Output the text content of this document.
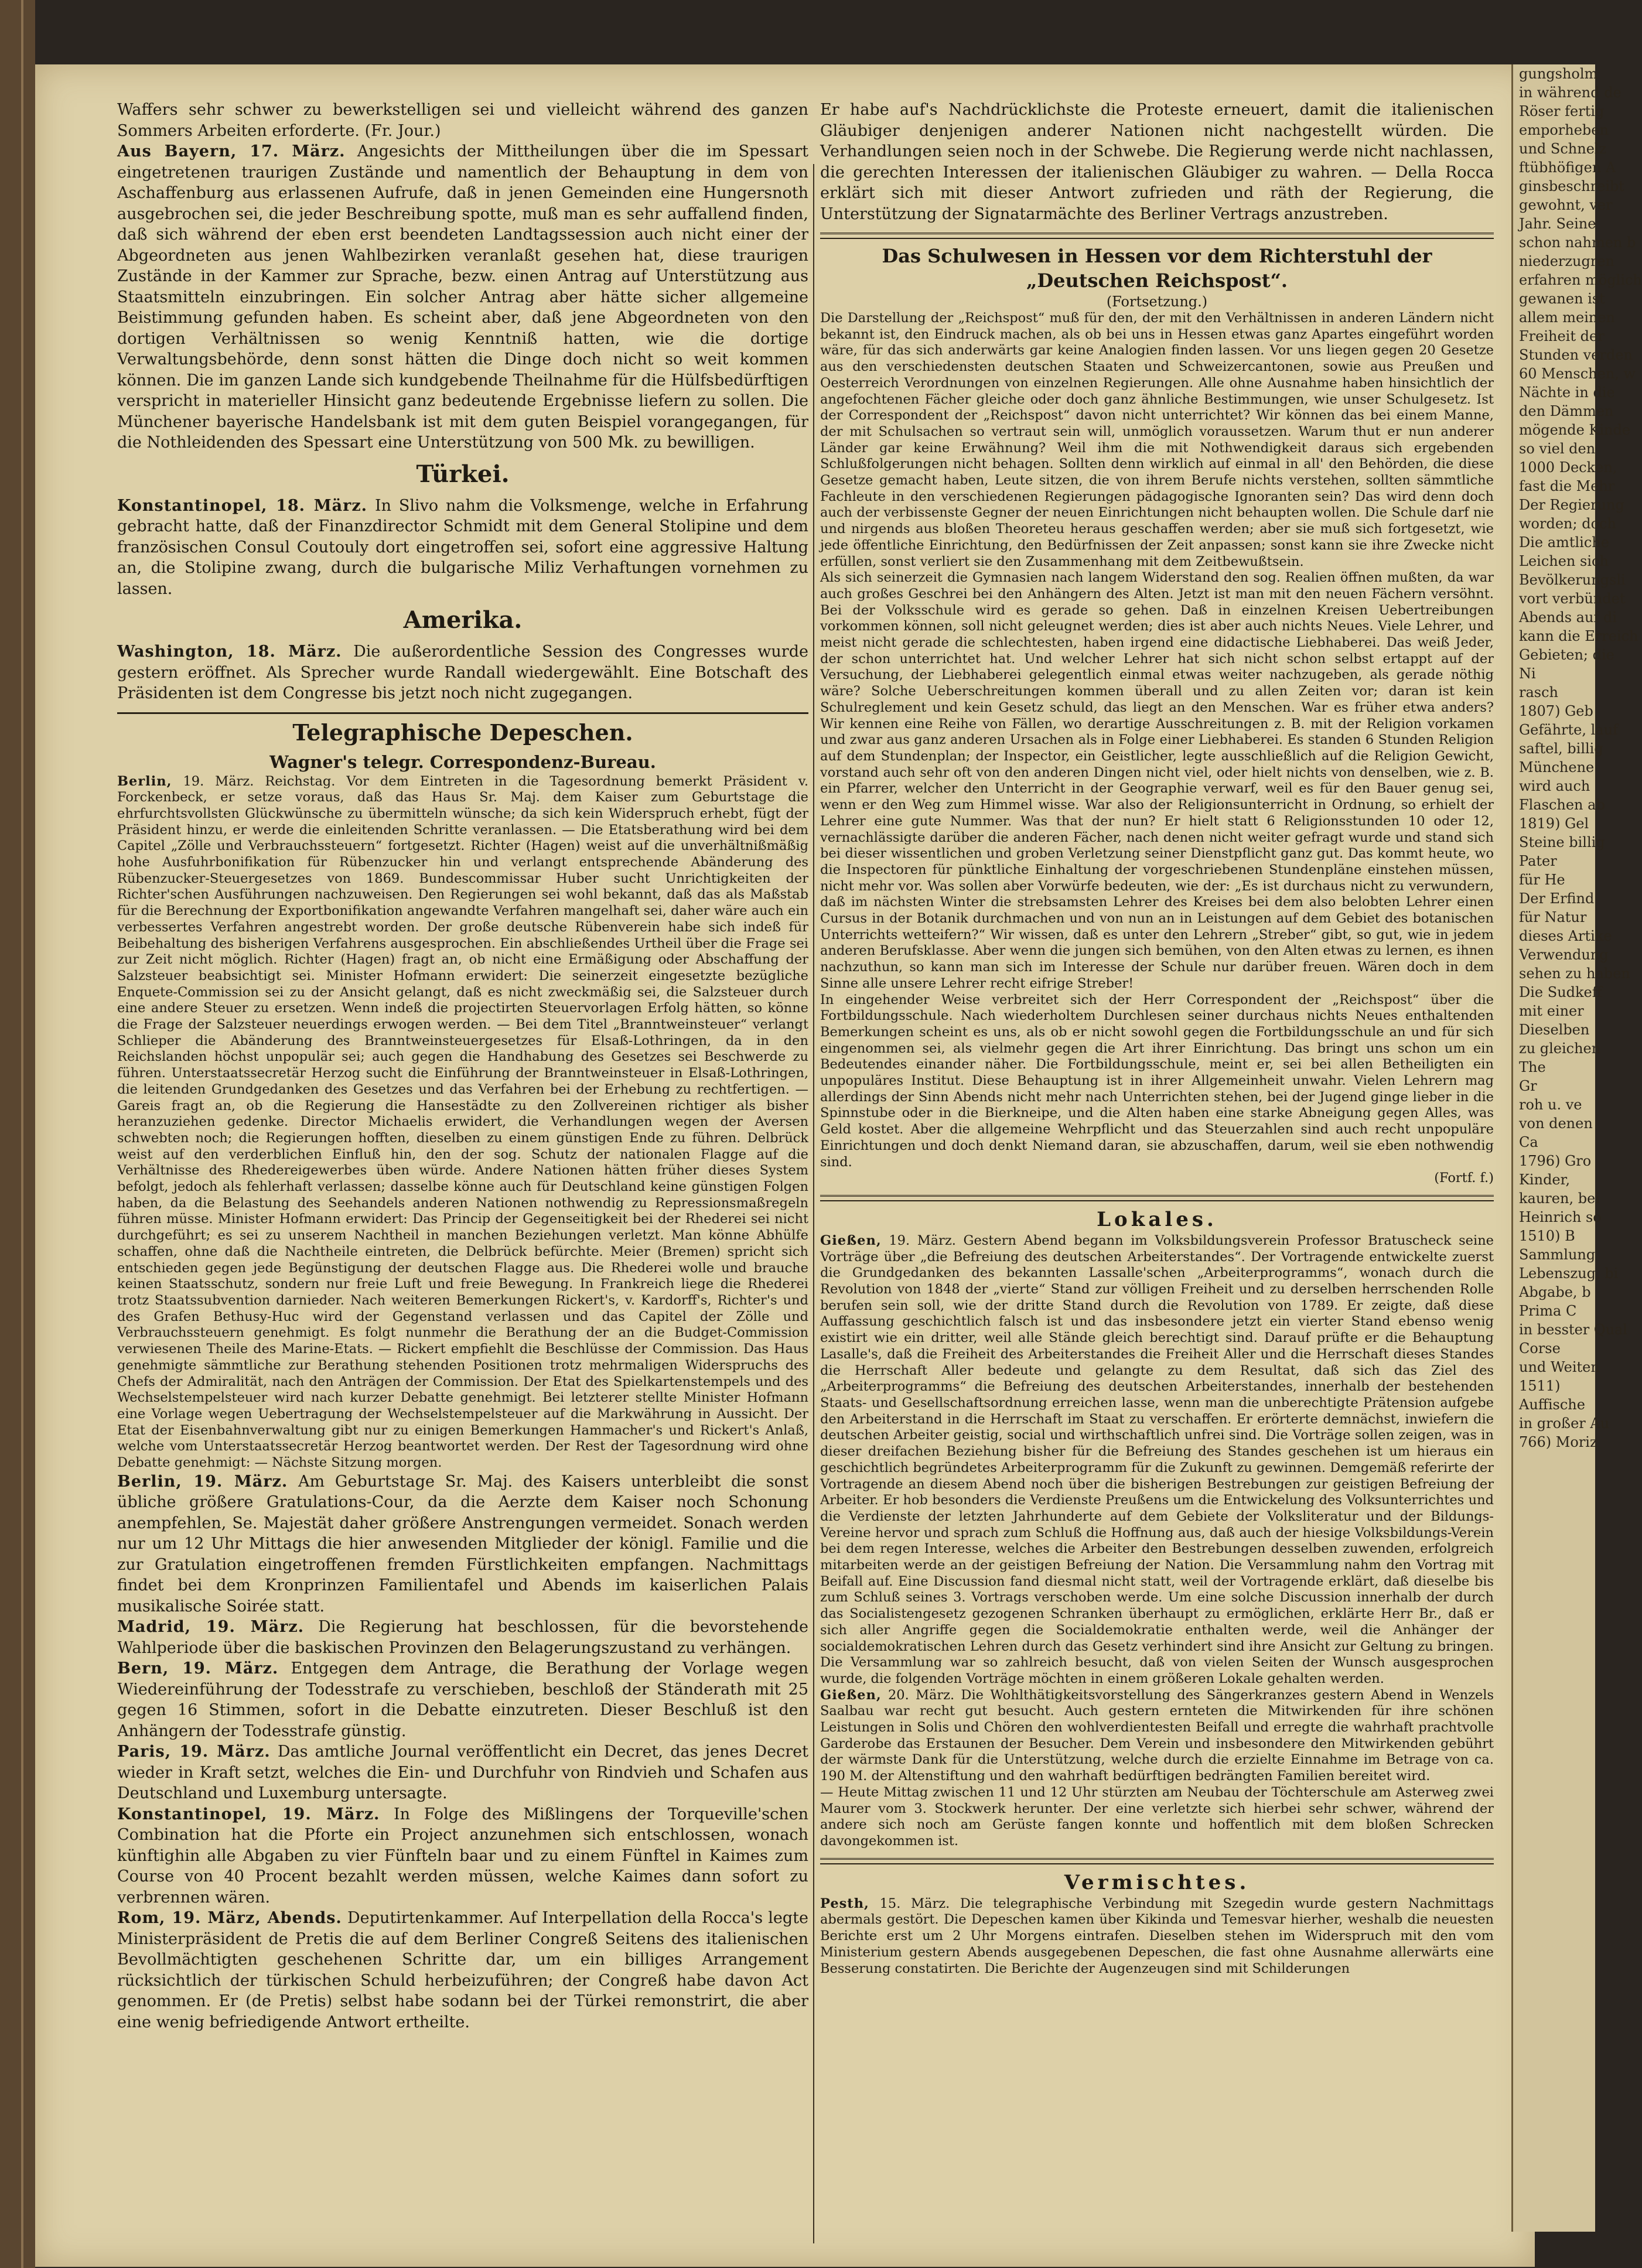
Waffers sehr schwer zu bewerkstelligen sei und vielleicht während des ganzen Sommers Arbeiten erforderte. (Fr. Jour.)

Aus Bayern, 17. März. Angesichts der Mittheilungen über die im Spessart eingetretenen traurigen Zustände und namentlich der Behauptung in dem von Aschaffenburg aus erlassenen Aufrufe, daß in jenen Gemeinden eine Hungersnoth ausgebrochen sei, die jeder Beschreibung spotte, muß man es sehr auffallend finden, daß sich während der eben erst beendeten Landtagssession auch nicht einer der Abgeordneten aus jenen Wahlbezirken veranlaßt gesehen hat, diese traurigen Zustände in der Kammer zur Sprache, bezw. einen Antrag auf Unterstützung aus Staatsmitteln einzubringen. Ein solcher Antrag aber hätte sicher allgemeine Beistimmung gefunden haben. Es scheint aber, daß jene Abgeordneten von den dortigen Verhältnissen so wenig Kenntniß hatten, wie die dortige Verwaltungsbehörde, denn sonst hätten die Dinge doch nicht so weit kommen können. Die im ganzen Lande sich kundgebende Theilnahme für die Hülfsbedürftigen verspricht in materieller Hinsicht ganz bedeutende Ergebnisse liefern zu sollen. Die Münchener bayerische Handelsbank ist mit dem guten Beispiel vorangegangen, für die Nothleidenden des Spessart eine Unterstützung von 500 Mk. zu bewilligen.

Türkei.

Konstantinopel, 18. März. In Slivo nahm die Volksmenge, welche in Erfahrung gebracht hatte, daß der Finanzdirector Schmidt mit dem General Stolipine und dem französischen Consul Coutouly dort eingetroffen sei, sofort eine aggressive Haltung an, die Stolipine zwang, durch die bulgarische Miliz Verhaftungen vornehmen zu lassen.

Amerika.

Washington, 18. März. Die außerordentliche Session des Congresses wurde gestern eröffnet. Als Sprecher wurde Randall wiedergewählt. Eine Botschaft des Präsidenten ist dem Congresse bis jetzt noch nicht zugegangen.

Telegraphische Depeschen.
Wagner's telegr. Correspondenz-Bureau.

Berlin, 19. März. Reichstag. Vor dem Eintreten in die Tagesordnung bemerkt Präsident v. Forckenbeck, er setze voraus, daß das Haus Sr. Maj. dem Kaiser zum Geburtstage die ehrfurchtsvollsten Glückwünsche zu übermitteln wünsche; da sich kein Widerspruch erhebt, fügt der Präsident hinzu, er werde die einleitenden Schritte veranlassen. — Die Etatsberathung wird bei dem Capitel „Zölle und Verbrauchssteuern“ fortgesetzt. Richter (Hagen) weist auf die unverhältnißmäßig hohe Ausfuhrbonifikation für Rübenzucker hin und verlangt entsprechende Abänderung des Rübenzucker-Steuergesetzes von 1869. Bundescommissar Huber sucht Unrichtigkeiten der Richter'schen Ausführungen nachzuweisen. Den Regierungen sei wohl bekannt, daß das als Maßstab für die Berechnung der Exportbonifikation angewandte Verfahren mangelhaft sei, daher wäre auch ein verbessertes Verfahren angestrebt worden. Der große deutsche Rübenverein habe sich indeß für Beibehaltung des bisherigen Verfahrens ausgesprochen. Ein abschließendes Urtheil über die Frage sei zur Zeit nicht möglich. Richter (Hagen) fragt an, ob nicht eine Ermäßigung oder Abschaffung der Salzsteuer beabsichtigt sei. Minister Hofmann erwidert: Die seinerzeit eingesetzte bezügliche Enquete-Commission sei zu der Ansicht gelangt, daß es nicht zweckmäßig sei, die Salzsteuer durch eine andere Steuer zu ersetzen. Wenn indeß die projectirten Steuervorlagen Erfolg hätten, so könne die Frage der Salzsteuer neuerdings erwogen werden. — Bei dem Titel „Branntweinsteuer“ verlangt Schlieper die Abänderung des Branntweinsteuergesetzes für Elsaß-Lothringen, da in den Reichslanden höchst unpopulär sei; auch gegen die Handhabung des Gesetzes sei Beschwerde zu führen. Unterstaatssecretär Herzog sucht die Einführung der Branntweinsteuer in Elsaß-Lothringen, die leitenden Grundgedanken des Gesetzes und das Verfahren bei der Erhebung zu rechtfertigen. — Gareis fragt an, ob die Regierung die Hansestädte zu den Zollvereinen richtiger als bisher heranzuziehen gedenke. Director Michaelis erwidert, die Verhandlungen wegen der Aversen schwebten noch; die Regierungen hofften, dieselben zu einem günstigen Ende zu führen. Delbrück weist auf den verderblichen Einfluß hin, den der sog. Schutz der nationalen Flagge auf die Verhältnisse des Rhedereigewerbes üben würde. Andere Nationen hätten früher dieses System befolgt, jedoch als fehlerhaft verlassen; dasselbe könne auch für Deutschland keine günstigen Folgen haben, da die Belastung des Seehandels anderen Nationen nothwendig zu Repressionsmaßregeln führen müsse. Minister Hofmann erwidert: Das Princip der Gegenseitigkeit bei der Rhederei sei nicht durchgeführt; es sei zu unserem Nachtheil in manchen Beziehungen verletzt. Man könne Abhülfe schaffen, ohne daß die Nachtheile eintreten, die Delbrück befürchte. Meier (Bremen) spricht sich entschieden gegen jede Begünstigung der deutschen Flagge aus. Die Rhederei wolle und brauche keinen Staatsschutz, sondern nur freie Luft und freie Bewegung. In Frankreich liege die Rhederei trotz Staatssubvention darnieder. Nach weiteren Bemerkungen Rickert's, v. Kardorff's, Richter's und des Grafen Bethusy-Huc wird der Gegenstand verlassen und das Capitel der Zölle und Verbrauchssteuern genehmigt. Es folgt nunmehr die Berathung der an die Budget-Commission verwiesenen Theile des Marine-Etats. — Rickert empfiehlt die Beschlüsse der Commission. Das Haus genehmigte sämmtliche zur Berathung stehenden Positionen trotz mehrmaligen Widerspruchs des Chefs der Admiralität, nach den Anträgen der Commission. Der Etat des Spielkartenstempels und des Wechselstempelsteuer wird nach kurzer Debatte genehmigt. Bei letzterer stellte Minister Hofmann eine Vorlage wegen Uebertragung der Wechselstempelsteuer auf die Markwährung in Aussicht. Der Etat der Eisenbahnverwaltung gibt nur zu einigen Bemerkungen Hammacher's und Rickert's Anlaß, welche vom Unterstaatssecretär Herzog beantwortet werden. Der Rest der Tagesordnung wird ohne Debatte genehmigt: — Nächste Sitzung morgen.

Berlin, 19. März. Am Geburtstage Sr. Maj. des Kaisers unterbleibt die sonst übliche größere Gratulations-Cour, da die Aerzte dem Kaiser noch Schonung anempfehlen, Se. Majestät daher größere Anstrengungen vermeidet. Sonach werden nur um 12 Uhr Mittags die hier anwesenden Mitglieder der königl. Familie und die zur Gratulation eingetroffenen fremden Fürstlichkeiten empfangen. Nachmittags findet bei dem Kronprinzen Familientafel und Abends im kaiserlichen Palais musikalische Soirée statt.

Madrid, 19. März. Die Regierung hat beschlossen, für die bevorstehende Wahlperiode über die baskischen Provinzen den Belagerungszustand zu verhängen.

Bern, 19. März. Entgegen dem Antrage, die Berathung der Vorlage wegen Wiedereinführung der Todesstrafe zu verschieben, beschloß der Ständerath mit 25 gegen 16 Stimmen, sofort in die Debatte einzutreten. Dieser Beschluß ist den Anhängern der Todesstrafe günstig.

Paris, 19. März. Das amtliche Journal veröffentlicht ein Decret, das jenes Decret wieder in Kraft setzt, welches die Ein- und Durchfuhr von Rindvieh und Schafen aus Deutschland und Luxemburg untersagte.

Konstantinopel, 19. März. In Folge des Mißlingens der Torqueville'schen Combination hat die Pforte ein Project anzunehmen sich entschlossen, wonach künftighin alle Abgaben zu vier Fünfteln baar und zu einem Fünftel in Kaimes zum Course von 40 Procent bezahlt werden müssen, welche Kaimes dann sofort zu verbrennen wären.

Rom, 19. März, Abends. Deputirtenkammer. Auf Interpellation della Rocca's legte Ministerpräsident de Pretis die auf dem Berliner Congreß Seitens des italienischen Bevollmächtigten geschehenen Schritte dar, um ein billiges Arrangement rücksichtlich der türkischen Schuld herbeizuführen; der Congreß habe davon Act genommen. Er (de Pretis) selbst habe sodann bei der Türkei remonstrirt, die aber eine wenig befriedigende Antwort ertheilte.

Er habe auf's Nachdrücklichste die Proteste erneuert, damit die italienischen Gläubiger denjenigen anderer Nationen nicht nachgestellt würden. Die Verhandlungen seien noch in der Schwebe. Die Regierung werde nicht nachlassen, die gerechten Interessen der italienischen Gläubiger zu wahren. — Della Rocca erklärt sich mit dieser Antwort zufrieden und räth der Regierung, die Unterstützung der Signatarmächte des Berliner Vertrags anzustreben.

Das Schulwesen in Hessen vor dem Richterstuhl der „Deutschen Reichspost“.
(Fortsetzung.)

Die Darstellung der „Reichspost“ muß für den, der mit den Verhältnissen in anderen Ländern nicht bekannt ist, den Eindruck machen, als ob bei uns in Hessen etwas ganz Apartes eingeführt worden wäre, für das sich anderwärts gar keine Analogien finden lassen. Vor uns liegen gegen 20 Gesetze aus den verschiedensten deutschen Staaten und Schweizercantonen, sowie aus Preußen und Oesterreich Verordnungen von einzelnen Regierungen. Alle ohne Ausnahme haben hinsichtlich der angefochtenen Fächer gleiche oder doch ganz ähnliche Bestimmungen, wie unser Schulgesetz. Ist der Correspondent der „Reichspost“ davon nicht unterrichtet? Wir können das bei einem Manne, der mit Schulsachen so vertraut sein will, unmöglich voraussetzen. Warum thut er nun anderer Länder gar keine Erwähnung? Weil ihm die mit Nothwendigkeit daraus sich ergebenden Schlußfolgerungen nicht behagen. Sollten denn wirklich auf einmal in all' den Behörden, die diese Gesetze gemacht haben, Leute sitzen, die von ihrem Berufe nichts verstehen, sollten sämmtliche Fachleute in den verschiedenen Regierungen pädagogische Ignoranten sein? Das wird denn doch auch der verbissenste Gegner der neuen Einrichtungen nicht behaupten wollen. Die Schule darf nie und nirgends aus bloßen Theoreteu heraus geschaffen werden; aber sie muß sich fortgesetzt, wie jede öffentliche Einrichtung, den Bedürfnissen der Zeit anpassen; sonst kann sie ihre Zwecke nicht erfüllen, sonst verliert sie den Zusammenhang mit dem Zeitbewußtsein.

Als sich seinerzeit die Gymnasien nach langem Widerstand den sog. Realien öffnen mußten, da war auch großes Geschrei bei den Anhängern des Alten. Jetzt ist man mit den neuen Fächern versöhnt. Bei der Volksschule wird es gerade so gehen. Daß in einzelnen Kreisen Uebertreibungen vorkommen können, soll nicht geleugnet werden; dies ist aber auch nichts Neues. Viele Lehrer, und meist nicht gerade die schlechtesten, haben irgend eine didactische Liebhaberei. Das weiß Jeder, der schon unterrichtet hat. Und welcher Lehrer hat sich nicht schon selbst ertappt auf der Versuchung, der Liebhaberei gelegentlich einmal etwas weiter nachzugeben, als gerade nöthig wäre? Solche Ueberschreitungen kommen überall und zu allen Zeiten vor; daran ist kein Schulreglement und kein Gesetz schuld, das liegt an den Menschen. War es früher etwa anders? Wir kennen eine Reihe von Fällen, wo derartige Ausschreitungen z. B. mit der Religion vorkamen und zwar aus ganz anderen Ursachen als in Folge einer Liebhaberei. Es standen 6 Stunden Religion auf dem Stundenplan; der Inspector, ein Geistlicher, legte ausschließlich auf die Religion Gewicht, vorstand auch sehr oft von den anderen Dingen nicht viel, oder hielt nichts von denselben, wie z. B. ein Pfarrer, welcher den Unterricht in der Geographie verwarf, weil es für den Bauer genug sei, wenn er den Weg zum Himmel wisse. War also der Religionsunterricht in Ordnung, so erhielt der Lehrer eine gute Nummer. Was that der nun? Er hielt statt 6 Religionsstunden 10 oder 12, vernachlässigte darüber die anderen Fächer, nach denen nicht weiter gefragt wurde und stand sich bei dieser wissentlichen und groben Verletzung seiner Dienstpflicht ganz gut. Das kommt heute, wo die Inspectoren für pünktliche Einhaltung der vorgeschriebenen Stundenpläne einstehen müssen, nicht mehr vor. Was sollen aber Vorwürfe bedeuten, wie der: „Es ist durchaus nicht zu verwundern, daß im nächsten Winter die strebsamsten Lehrer des Kreises bei dem also belobten Lehrer einen Cursus in der Botanik durchmachen und von nun an in Leistungen auf dem Gebiet des botanischen Unterrichts wetteifern?“ Wir wissen, daß es unter den Lehrern „Streber“ gibt, so gut, wie in jedem anderen Berufsklasse. Aber wenn die jungen sich bemühen, von den Alten etwas zu lernen, es ihnen nachzuthun, so kann man sich im Interesse der Schule nur darüber freuen. Wären doch in dem Sinne alle unsere Lehrer recht eifrige Streber!

In eingehender Weise verbreitet sich der Herr Correspondent der „Reichspost“ über die Fortbildungsschule. Nach wiederholtem Durchlesen seiner durchaus nichts Neues enthaltenden Bemerkungen scheint es uns, als ob er nicht sowohl gegen die Fortbildungsschule an und für sich eingenommen sei, als vielmehr gegen die Art ihrer Einrichtung. Das bringt uns schon um ein Bedeutendes einander näher. Die Fortbildungsschule, meint er, sei bei allen Betheiligten ein unpopuläres Institut. Diese Behauptung ist in ihrer Allgemeinheit unwahr. Vielen Lehrern mag allerdings der Sinn Abends nicht mehr nach Unterrichten stehen, bei der Jugend ginge lieber in die Spinnstube oder in die Bierkneipe, und die Alten haben eine starke Abneigung gegen Alles, was Geld kostet. Aber die allgemeine Wehrpflicht und das Steuerzahlen sind auch recht unpopuläre Einrichtungen und doch denkt Niemand daran, sie abzuschaffen, darum, weil sie eben nothwendig sind.

(Fortf. f.)

Lokales.

Gießen, 19. März. Gestern Abend begann im Volksbildungsverein Professor Bratuscheck seine Vorträge über „die Befreiung des deutschen Arbeiterstandes“. Der Vortragende entwickelte zuerst die Grundgedanken des bekannten Lassalle'schen „Arbeiterprogramms“, wonach durch die Revolution von 1848 der „vierte“ Stand zur völligen Freiheit und zu derselben herrschenden Rolle berufen sein soll, wie der dritte Stand durch die Revolution von 1789. Er zeigte, daß diese Auffassung geschichtlich falsch ist und das insbesondere jetzt ein vierter Stand ebenso wenig existirt wie ein dritter, weil alle Stände gleich berechtigt sind. Darauf prüfte er die Behauptung Lasalle's, daß die Freiheit des Arbeiterstandes die Freiheit Aller und die Herrschaft dieses Standes die Herrschaft Aller bedeute und gelangte zu dem Resultat, daß sich das Ziel des „Arbeiterprogramms“ die Befreiung des deutschen Arbeiterstandes, innerhalb der bestehenden Staats- und Gesellschaftsordnung erreichen lasse, wenn man die unberechtigte Prätension aufgebe den Arbeiterstand in die Herrschaft im Staat zu verschaffen. Er erörterte demnächst, inwiefern die deutschen Arbeiter geistig, social und wirthschaftlich unfrei sind. Die Vorträge sollen zeigen, was in dieser dreifachen Beziehung bisher für die Befreiung des Standes geschehen ist um hieraus ein geschichtlich begründetes Arbeiterprogramm für die Zukunft zu gewinnen. Demgemäß referirte der Vortragende an diesem Abend noch über die bisherigen Bestrebungen zur geistigen Befreiung der Arbeiter. Er hob besonders die Verdienste Preußens um die Entwickelung des Volksunterrichtes und die Verdienste der letzten Jahrhunderte auf dem Gebiete der Volksliteratur und der Bildungs-Vereine hervor und sprach zum Schluß die Hoffnung aus, daß auch der hiesige Volksbildungs-Verein bei dem regen Interesse, welches die Arbeiter den Bestrebungen desselben zuwenden, erfolgreich mitarbeiten werde an der geistigen Befreiung der Nation. Die Versammlung nahm den Vortrag mit Beifall auf. Eine Discussion fand diesmal nicht statt, weil der Vortragende erklärt, daß dieselbe bis zum Schluß seines 3. Vortrags verschoben werde. Um eine solche Discussion innerhalb der durch das Socialistengesetz gezogenen Schranken überhaupt zu ermöglichen, erklärte Herr Br., daß er sich aller Angriffe gegen die Socialdemokratie enthalten werde, weil die Anhänger der socialdemokratischen Lehren durch das Gesetz verhindert sind ihre Ansicht zur Geltung zu bringen. Die Versammlung war so zahlreich besucht, daß von vielen Seiten der Wunsch ausgesprochen wurde, die folgenden Vorträge möchten in einem größeren Lokale gehalten werden.

Gießen, 20. März. Die Wohlthätigkeitsvorstellung des Sängerkranzes gestern Abend in Wenzels Saalbau war recht gut besucht. Auch gestern ernteten die Mitwirkenden für ihre schönen Leistungen in Solis und Chören den wohlverdientesten Beifall und erregte die wahrhaft prachtvolle Garderobe das Erstaunen der Besucher. Dem Verein und insbesondere den Mitwirkenden gebührt der wärmste Dank für die Unterstützung, welche durch die erzielte Einnahme im Betrage von ca. 190 M. der Altenstiftung und den wahrhaft bedürftigen bedrängten Familien bereitet wird.

— Heute Mittag zwischen 11 und 12 Uhr stürzten am Neubau der Töchterschule am Asterweg zwei Maurer vom 3. Stockwerk herunter. Der eine verletzte sich hierbei sehr schwer, während der andere sich noch am Gerüste fangen konnte und hoffentlich mit dem bloßen Schrecken davongekommen ist.

Vermischtes.

Pesth, 15. März. Die telegraphische Verbindung mit Szegedin wurde gestern Nachmittags abermals gestört. Die Depeschen kamen über Kikinda und Temesvar hierher, weshalb die neuesten Berichte erst um 2 Uhr Morgens eintrafen. Dieselben stehen im Widerspruch mit den vom Ministerium gestern Abends ausgegebenen Depeschen, die fast ohne Ausnahme allerwärts eine Besserung constatirten. Die Berichte der Augenzeugen sind mit Schilderungen

gungsholm
in während de
Röser fertig
emporheben
und Schnelz
ftübhöfigen A
ginsbeschreibt
gewohnt, ver
Jahr. Seine
schon nahmen b
niederzugren
erfahren möglich
gewanen ist
allem meinen
Freiheit der
Stunden verden
60 Menschen, w
Nächte in die
den Dämmen
mögende Kinde
so viel den
1000 Decken,
fast die Mehr
Der Regierung
worden; doch
Die amtliche
Leichen sich
Bevölkerungsli
vort verbündet
Abends auf di
kann die Erreich
Gebieten; die
Ni
rasch
1807) Geb
Gefährte, lauf
saftel, billig
Münchene
wird auch
Flaschen ab
1819) Gel
Steine billig
Pater
für He
Der Erfind
für Natur
dieses Artike
Verwendung
sehen zu haben
Die Sudkeff
mit einer
Dieselben
zu gleichen
The
Gr
roh u. ve
von denen
Ca
1796) Gro
Kinder,
kauren, bei
Heinrich so
1510) B
Sammlung
Lebenszug, bi
Abgabe, b
Prima C
in besster Qual
Corse
und Weiten
1511)
Auffische
in großer Au
766) Moriz
